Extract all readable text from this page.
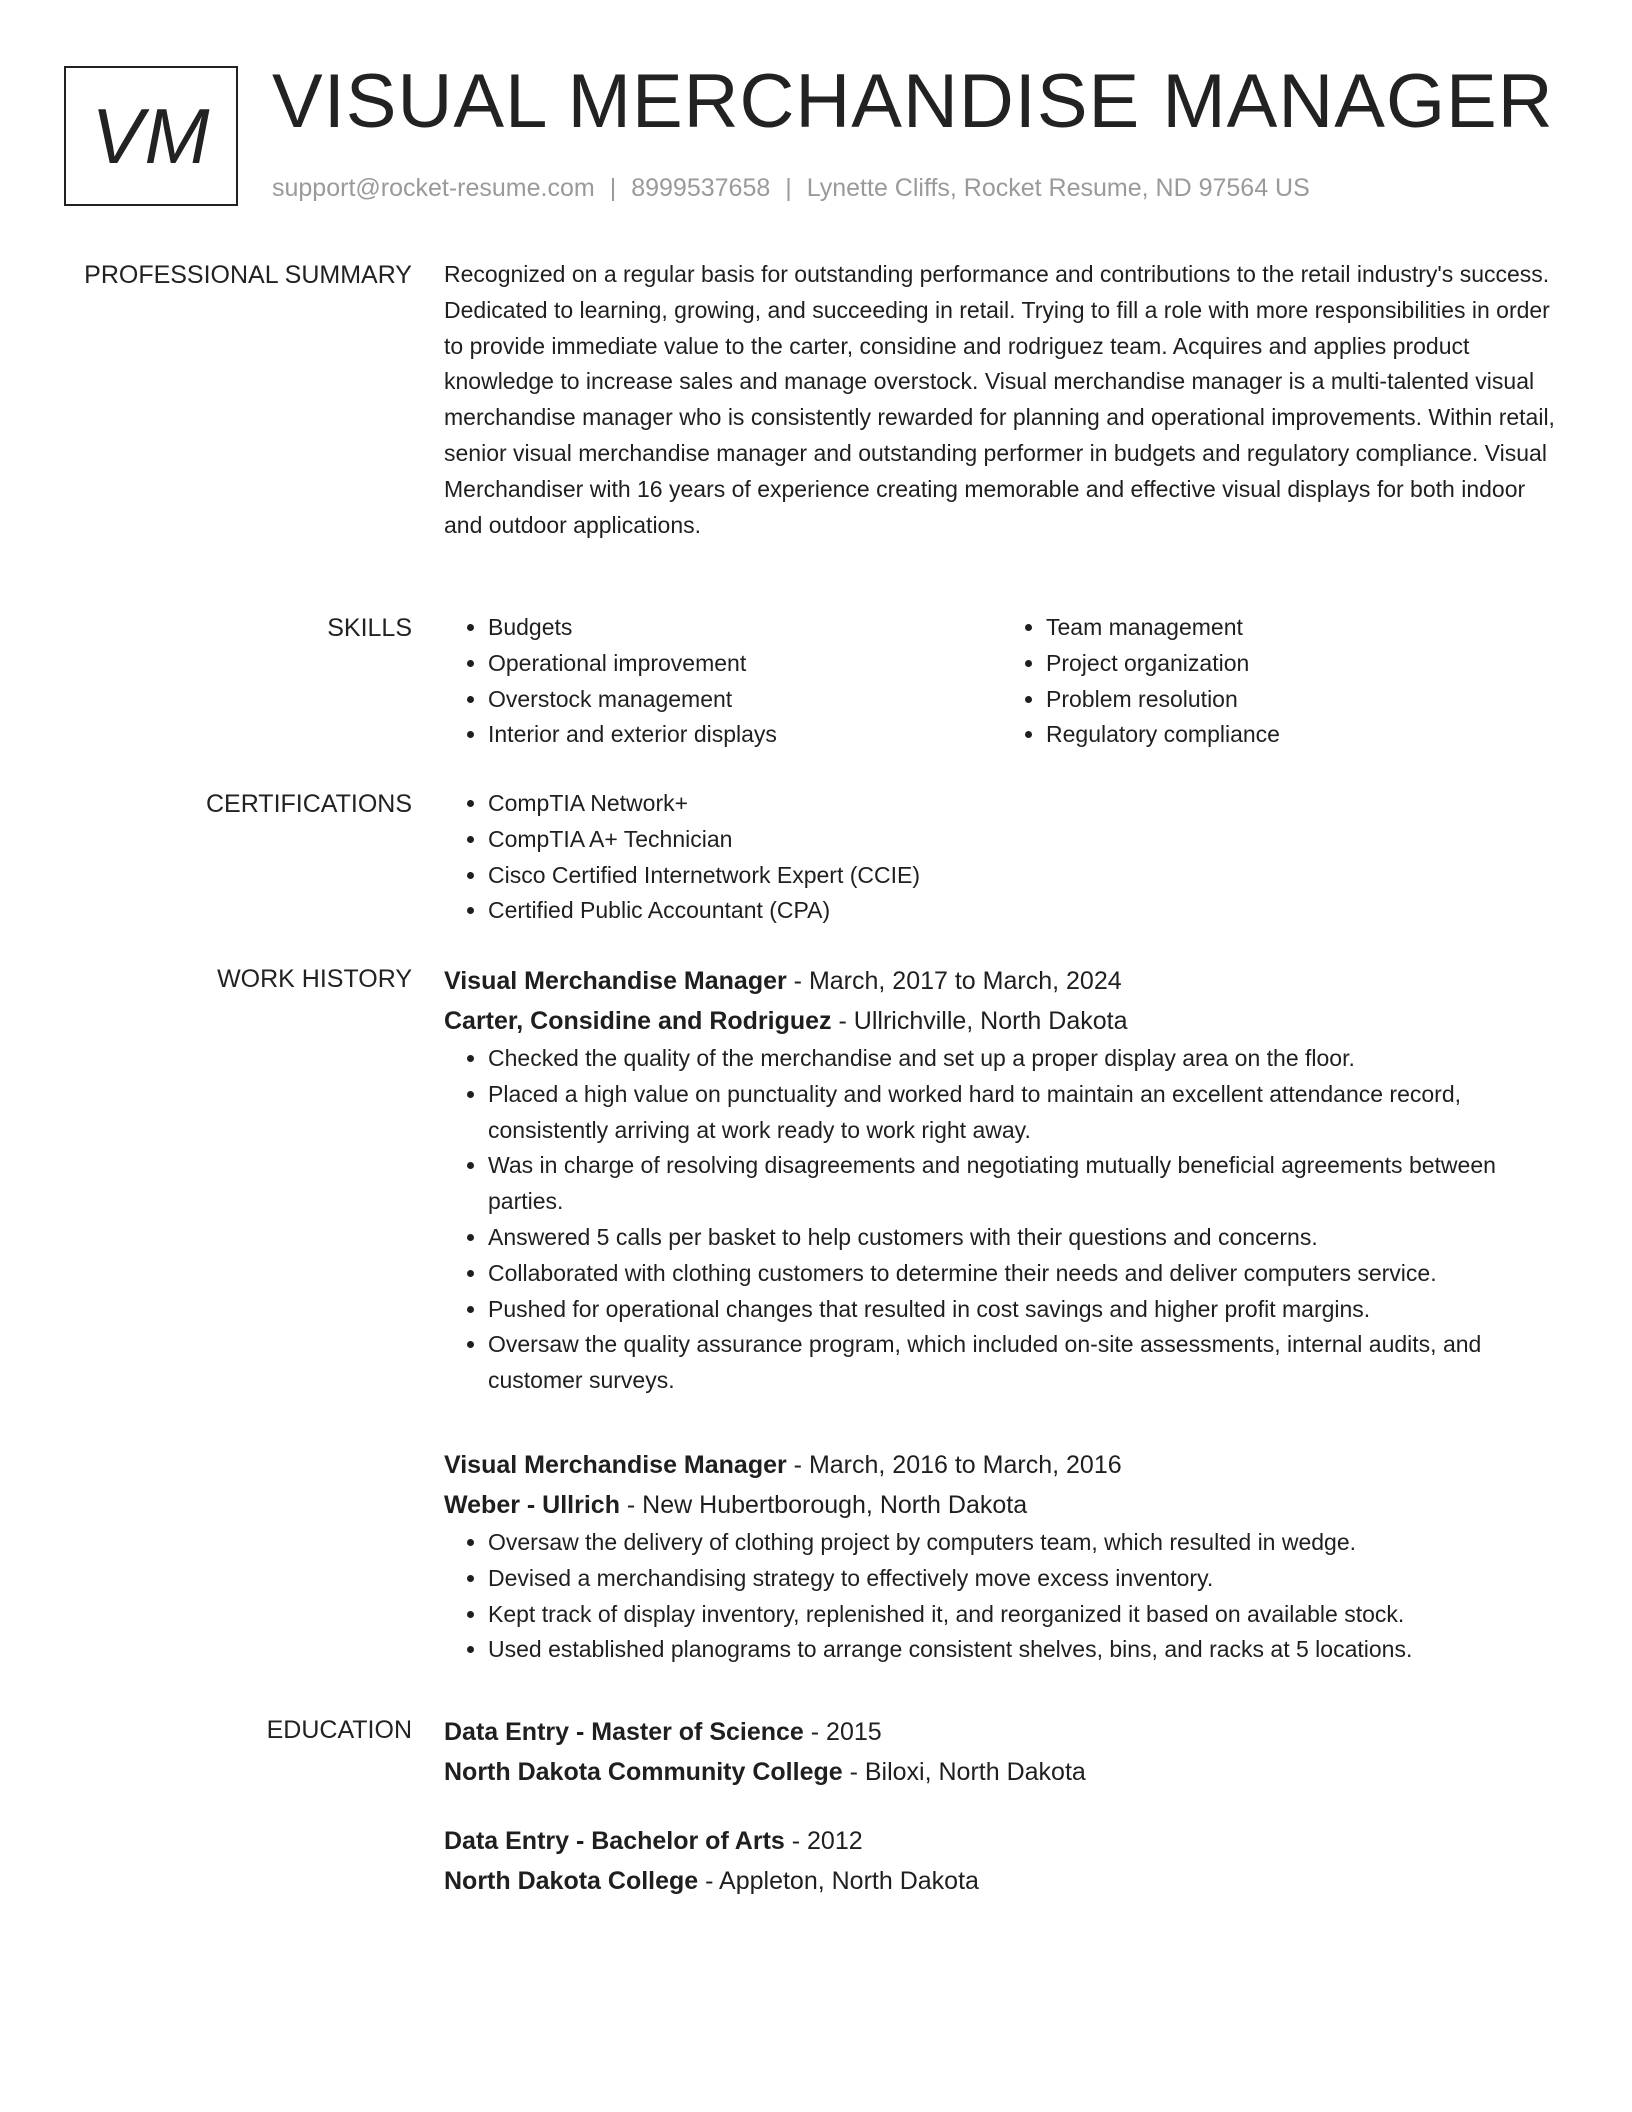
VM VISUAL MERCHANDISE MANAGER
support@rocket-resume.com | 8999537658 | Lynette Cliffs, Rocket Resume, ND 97564 US
PROFESSIONAL SUMMARY Recognized on a regular basis for outstanding performance and contributions to the retail industry's success. Dedicated to learning, growing, and succeeding in retail. Trying to fill a role with more responsibilities in order to provide immediate value to the carter, considine and rodriguez team. Acquires and applies product knowledge to increase sales and manage overstock. Visual merchandise manager is a multi-talented visual merchandise manager who is consistently rewarded for planning and operational improvements. Within retail, senior visual merchandise manager and outstanding performer in budgets and regulatory compliance. Visual Merchandiser with 16 years of experience creating memorable and effective visual displays for both indoor and outdoor applications.

SKILLS	• Budgets
• Operational improvement
• Overstock management
• Interior and exterior displays
• Team management
• Project organization
• Problem resolution
• Regulatory compliance
CERTIFICATIONS	• CompTIA Network+
• CompTIA A+ Technician
• Cisco Certified Internetwork Expert (CCIE)
• Certified Public Accountant (CPA)
WORK HISTORY Visual Merchandise Manager - March, 2017 to March, 2024
Carter, Considine and Rodriguez - Ullrichville, North Dakota
• Checked the quality of the merchandise and set up a proper display area on the floor.
• Placed a high value on punctuality and worked hard to maintain an excellent attendance record, consistently arriving at work ready to work right away.
• Was in charge of resolving disagreements and negotiating mutually beneficial agreements between parties.
• Answered 5 calls per basket to help customers with their questions and concerns.
• Collaborated with clothing customers to determine their needs and deliver computers service.
• Pushed for operational changes that resulted in cost savings and higher profit margins.
• Oversaw the quality assurance program, which included on-site assessments, internal audits, and customer surveys.
Visual Merchandise Manager - March, 2016 to March, 2016
Weber - Ullrich - New Hubertborough, North Dakota
• Oversaw the delivery of clothing project by computers team, which resulted in wedge.
• Devised a merchandising strategy to effectively move excess inventory.
• Kept track of display inventory, replenished it, and reorganized it based on available stock.
• Used established planograms to arrange consistent shelves, bins, and racks at 5 locations.
EDUCATION Data Entry - Master of Science - 2015
North Dakota Community College - Biloxi, North Dakota
Data Entry - Bachelor of Arts - 2012
North Dakota College - Appleton, North Dakota
